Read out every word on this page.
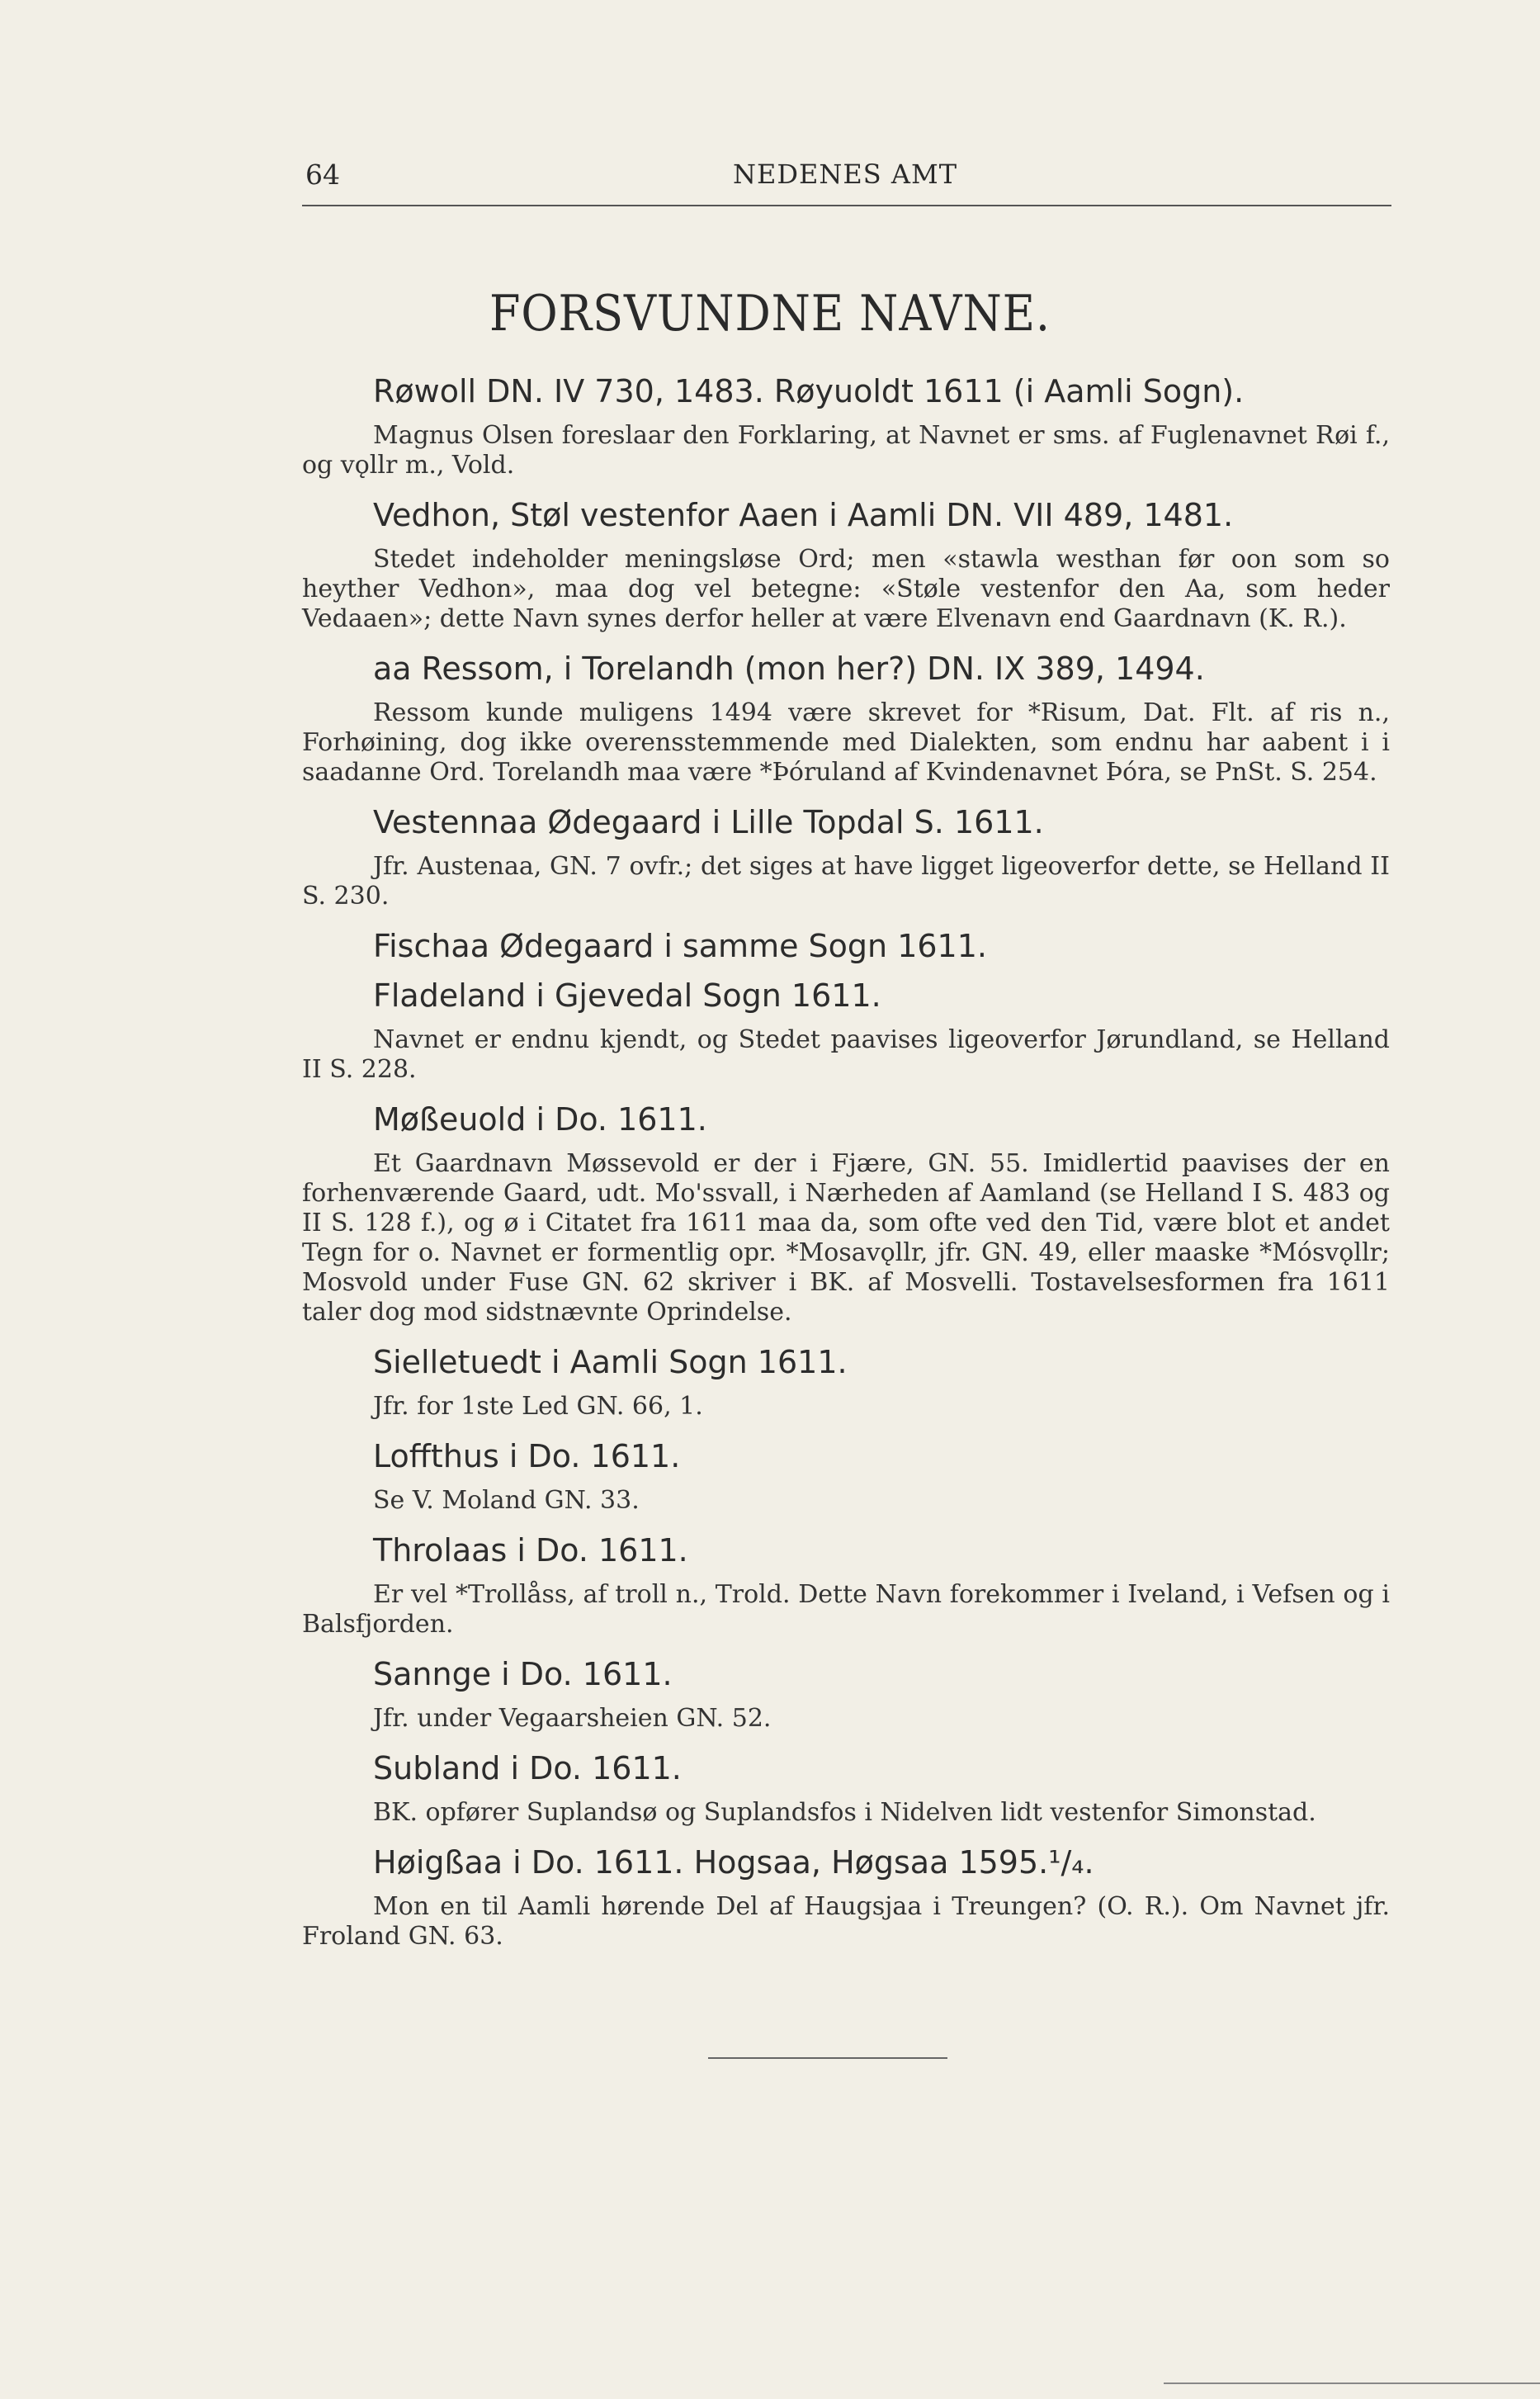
64	NEDENES AMT
FORSVUNDNE NAVNE.

Røwoll DN. IV 730, 1483. Røyuoldt 1611 (i Aamli Sogn).

Magnus Olsen foreslaar den Forklaring, at Navnet er sms. af Fuglenavnet Røi f., og vǫllr m., Vold.

Vedhon, Støl vestenfor Aaen i Aamli DN. VII 489, 1481.

Stedet indeholder meningsløse Ord; men «stawla westhan før oon som so heyther Vedhon», maa dog vel betegne: «Støle vestenfor den Aa, som heder Vedaaen»; dette Navn synes derfor heller at være Elvenavn end Gaardnavn (K. R.).

aa Ressom, i Torelandh (mon her?) DN. IX 389, 1494.

Ressom kunde muligens 1494 være skrevet for *Risum, Dat. Flt. af ris n., Forhøining, dog ikke overensstemmende med Dialekten, som endnu har aabent i i saadanne Ord. Torelandh maa være *Þóruland af Kvindenavnet Þóra, se PnSt. S. 254.

Vestennaa Ødegaard i Lille Topdal S. 1611.

Jfr. Austenaa, GN. 7 ovfr.; det siges at have ligget ligeoverfor dette, se Helland II S. 230.

Fischaa Ødegaard i samme Sogn 1611.

Fladeland i Gjevedal Sogn 1611.

Navnet er endnu kjendt, og Stedet paavises ligeoverfor Jørundland, se Helland II S. 228.

Møßeuold i Do. 1611.

Et Gaardnavn Møssevold er der i Fjære, GN. 55. Imidlertid paavises der en forhenværende Gaard, udt. Mo'ssvall, i Nærheden af Aamland (se Helland I S. 483 og II S. 128 f.), og ø i Citatet fra 1611 maa da, som ofte ved den Tid, være blot et andet Tegn for o. Navnet er formentlig opr. *Mosavǫllr, jfr. GN. 49, eller maaske *Mósvǫllr; Mosvold under Fuse GN. 62 skriver i BK. af Mosvelli. Tostavelsesformen fra 1611 taler dog mod sidstnævnte Oprindelse.

Sielletuedt i Aamli Sogn 1611.

Jfr. for 1ste Led GN. 66, 1.

Loffthus i Do. 1611.

Se V. Moland GN. 33.

Throlaas i Do. 1611.

Er vel *Trollåss, af troll n., Trold. Dette Navn forekommer i Iveland, i Vefsen og i Balsfjorden.

Sannge i Do. 1611.

Jfr. under Vegaarsheien GN. 52.

Subland i Do. 1611.

BK. opfører Suplandsø og Suplandsfos i Nidelven lidt vestenfor Simonstad.

Høigßaa i Do. 1611. Hogsaa, Høgsaa 1595.¹/₄.

Mon en til Aamli hørende Del af Haugsjaa i Treungen? (O. R.). Om Navnet jfr. Froland GN. 63.
